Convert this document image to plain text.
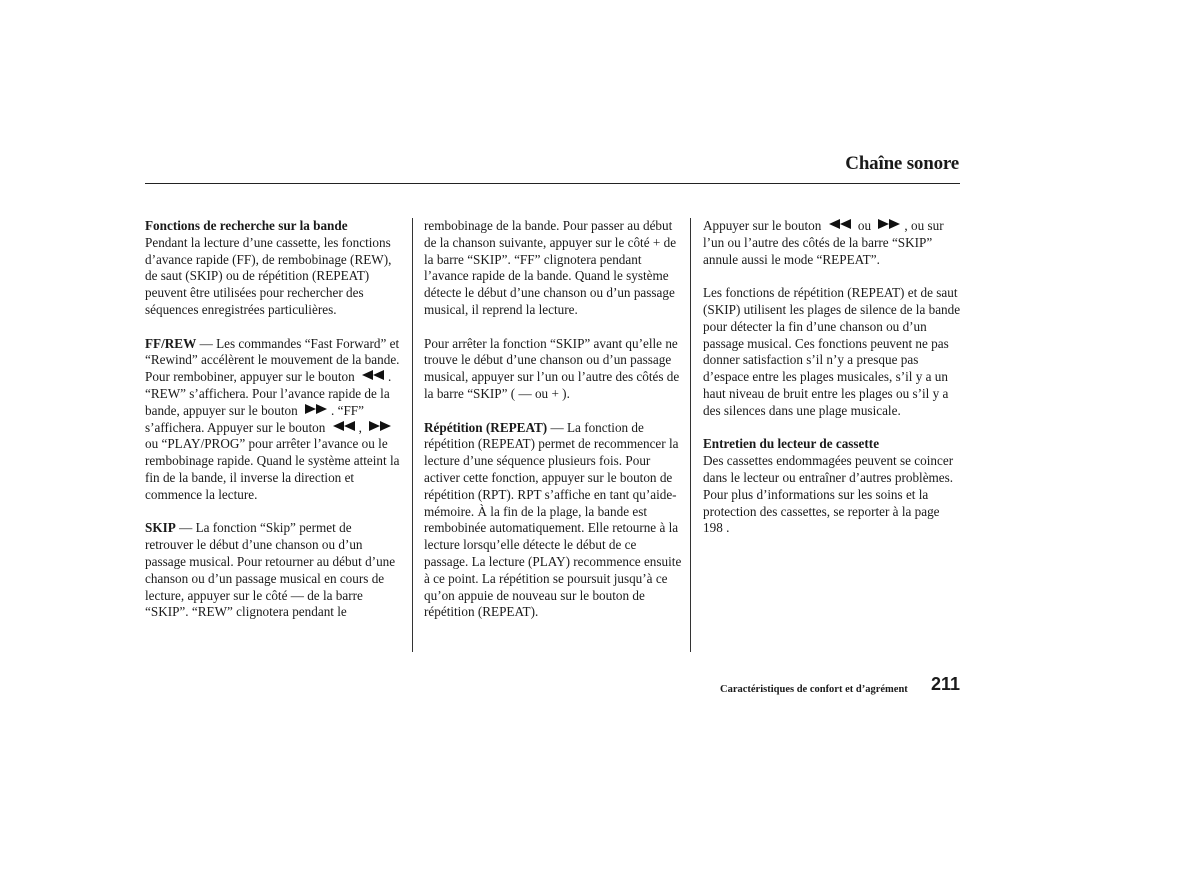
Chaîne sonore

Fonctions de recherche sur la bande
Pendant la lecture d’une cassette, les fonctions d’avance rapide (FF), de rembobinage (REW), de saut (SKIP) ou de répétition (REPEAT) peuvent être utilisées pour rechercher des séquences enregistrées particulières.

FF/REW — Les commandes “Fast Forward” et “Rewind” accélèrent le mouvement de la bande. Pour rembobiner, appuyer sur le bouton	. “REW” s’affichera. Pour l’avance rapide de la bande, appuyer sur le bouton	. “FF” s’affichera. Appuyer sur le bouton	,
ou “PLAY/PROG” pour arrêter l’avance ou le rembobinage rapide. Quand le système atteint la fin de la bande, il inverse la direction et commence la lecture.

SKIP — La fonction “Skip” permet de retrouver le début d’une chanson ou d’un passage musical. Pour retourner au début d’une chanson ou d’un passage musical en cours de lecture, appuyer sur le côté — de la barre “SKIP”. “REW” clignotera pendant le

rembobinage de la bande. Pour passer au début de la chanson suivante, appuyer sur le côté + de la barre “SKIP”. “FF” clignotera pendant l’avance rapide de la bande. Quand le système détecte le début d’une chanson ou d’un passage musical, il reprend la lecture.

Pour arrêter la fonction “SKIP” avant qu’elle ne trouve le début d’une chanson ou d’un passage musical, appuyer sur l’un ou l’autre des côtés de la barre “SKIP” ( — ou + ).

Répétition (REPEAT) — La fonction de répétition (REPEAT) permet de recommencer la lecture d’une séquence plusieurs fois. Pour activer cette fonction, appuyer sur le bouton de répétition (RPT). RPT s’affiche en tant qu’aide-mémoire. À la fin de la plage, la bande est rembobinée automatiquement. Elle retourne à la lecture lorsqu’elle détecte le début de ce passage. La lecture (PLAY) recommence ensuite à ce point. La répétition se poursuit jusqu’à ce qu’on appuie de nouveau sur le bouton de répétition (REPEAT).

Appuyer sur le bouton	ou	, ou sur l’un ou l’autre des côtés de la barre “SKIP” annule aussi le mode “REPEAT”.

Les fonctions de répétition (REPEAT) et de saut (SKIP) utilisent les plages de silence de la bande pour détecter la fin d’une chanson ou d’un passage musical. Ces fonctions peuvent ne pas donner satisfaction s’il n’y a presque pas d’espace entre les plages musicales, s’il y a un haut niveau de bruit entre les plages ou s’il y a des silences dans une plage musicale.

Entretien du lecteur de cassette
Des cassettes endommagées peuvent se coincer dans le lecteur ou entraîner d’autres problèmes. Pour plus d’informations sur les soins et la protection des cassettes, se reporter à la page 198 .

Caractéristiques de confort et d’agrément 211
